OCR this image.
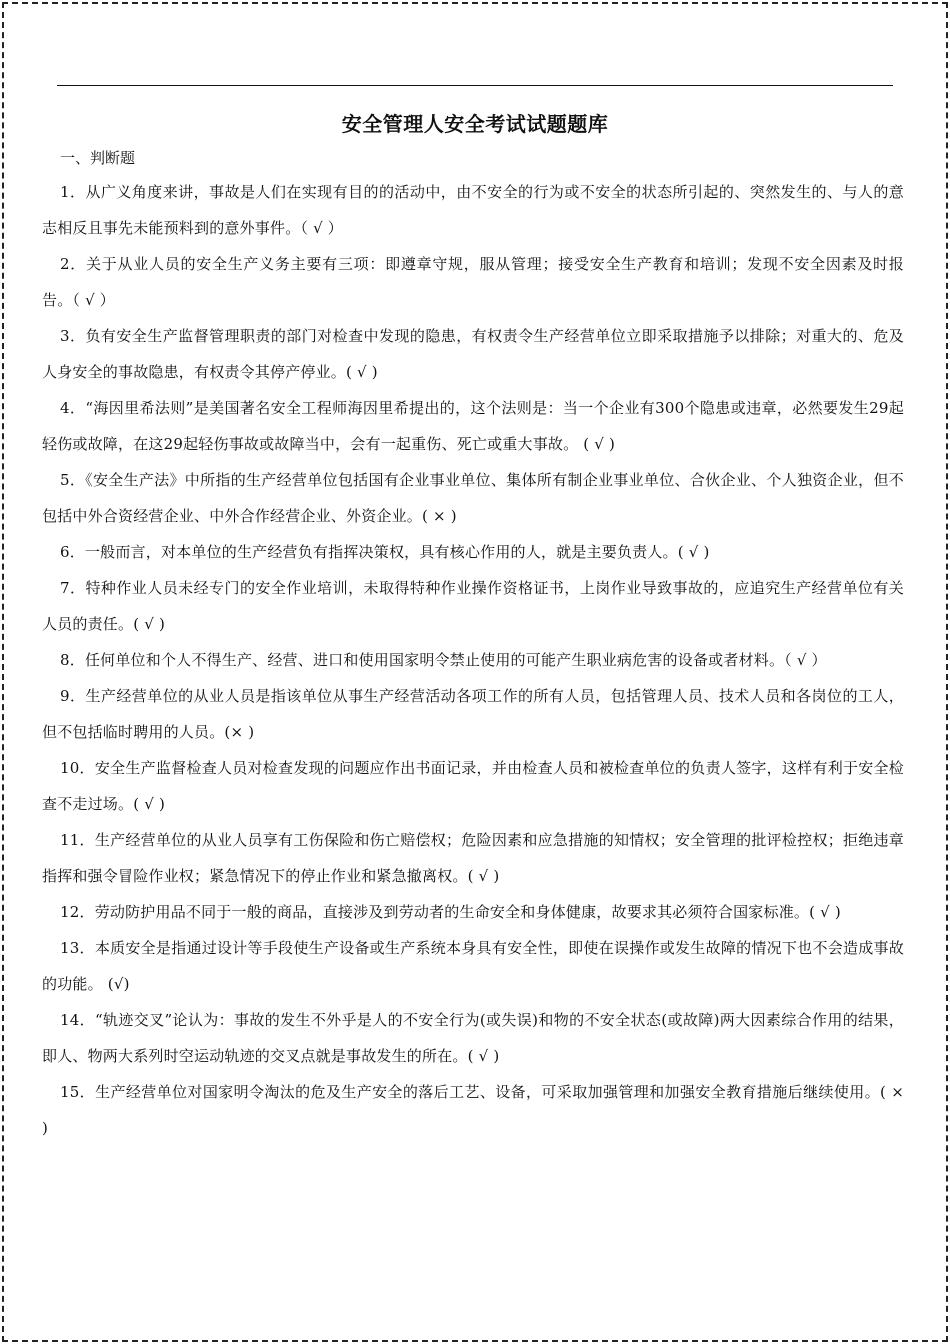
安全管理人安全考试试题题库
一、判断题

1．从广义角度来讲，事故是人们在实现有目的的活动中，由不安全的行为或不安全的状态所引起的、突然发生的、与人的意志相反且事先未能预料到的意外事件。（ √ ）

2．关于从业人员的安全生产义务主要有三项：即遵章守规，服从管理；接受安全生产教育和培训；发现不安全因素及时报告。（ √ ）

3．负有安全生产监督管理职责的部门对检查中发现的隐患，有权责令生产经营单位立即采取措施予以排除；对重大的、危及人身安全的事故隐患，有权责令其停产停业。( √ )

4．“海因里希法则”是美国著名安全工程师海因里希提出的，这个法则是：当一个企业有300个隐患或违章，必然要发生29起轻伤或故障，在这29起轻伤事故或故障当中，会有一起重伤、死亡或重大事故。 ( √ )

5．《安全生产法》中所指的生产经营单位包括国有企业事业单位、集体所有制企业事业单位、合伙企业、个人独资企业，但不包括中外合资经营企业、中外合作经营企业、外资企业。( × )

6．一般而言，对本单位的生产经营负有指挥决策权，具有核心作用的人，就是主要负责人。( √ )

7．特种作业人员未经专门的安全作业培训，未取得特种作业操作资格证书，上岗作业导致事故的，应追究生产经营单位有关人员的责任。( √ )

8．任何单位和个人不得生产、经营、进口和使用国家明令禁止使用的可能产生职业病危害的设备或者材料。（ √ ）

9．生产经营单位的从业人员是指该单位从事生产经营活动各项工作的所有人员，包括管理人员、技术人员和各岗位的工人，但不包括临时聘用的人员。(× )

10．安全生产监督检查人员对检查发现的问题应作出书面记录，并由检查人员和被检查单位的负责人签字，这样有利于安全检查不走过场。( √ )

11．生产经营单位的从业人员享有工伤保险和伤亡赔偿权；危险因素和应急措施的知情权；安全管理的批评检控权；拒绝违章指挥和强令冒险作业权；紧急情况下的停止作业和紧急撤离权。( √ )

12．劳动防护用品不同于一般的商品，直接涉及到劳动者的生命安全和身体健康，故要求其必须符合国家标准。( √ )

13．本质安全是指通过设计等手段使生产设备或生产系统本身具有安全性，即使在误操作或发生故障的情况下也不会造成事故的功能。 (√)

14．“轨迹交叉”论认为：事故的发生不外乎是人的不安全行为(或失误)和物的不安全状态(或故障)两大因素综合作用的结果，即人、物两大系列时空运动轨迹的交叉点就是事故发生的所在。( √ )

15．生产经营单位对国家明令淘汰的危及生产安全的落后工艺、设备，可采取加强管理和加强安全教育措施后继续使用。( × )
